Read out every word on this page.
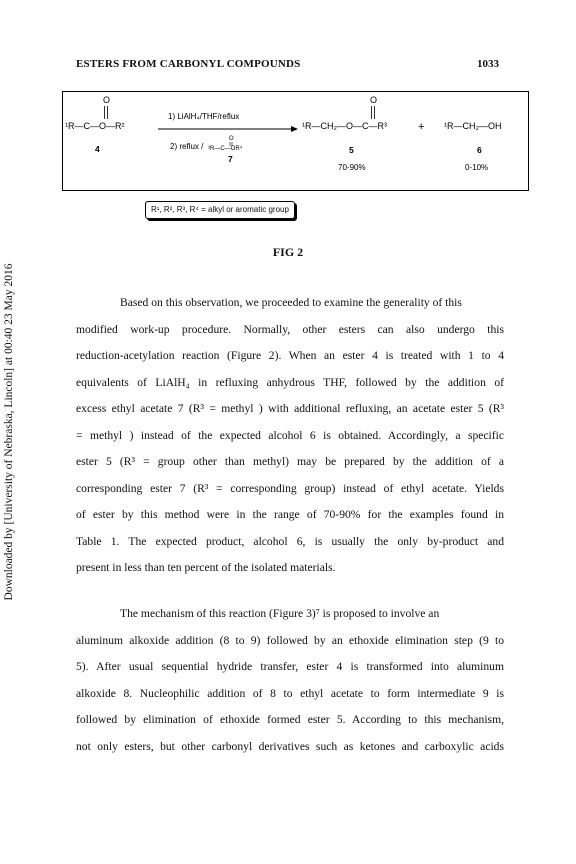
Downloaded by [University of Nebraska, Lincoln] at 00:40 23 May 2016
ESTERS FROM CARBONYL COMPOUNDS	1033
O
¹R—C—O—R²
4
1) LiAlH₄/THF/reflux
2) reflux /
O
³R—C—OR⁴
7
O
¹R—CH₂—O—C—R³
5
70-90%
+ ¹R—CH₂—OH
6
0-10%
R¹, R², R³, R⁴ = alkyl or aromatic group
FIG 2
Based on this observation, we proceeded to examine the generality of this
modified work-up procedure. Normally, other esters can also undergo this
reduction-acetylation reaction (Figure 2). When an ester 4 is treated with 1 to 4
equivalents of LiAlH₄ in refluxing anhydrous THF, followed by the addition of
excess ethyl acetate 7 (R³ = methyl ) with additional refluxing, an acetate ester 5 (R³
= methyl ) instead of the expected alcohol 6 is obtained. Accordingly, a specific
ester 5 (R³ = group other than methyl) may be prepared by the addition of a
corresponding ester 7 (R³ = corresponding group) instead of ethyl acetate. Yields
of ester by this method were in the range of 70-90% for the examples found in
Table 1. The expected product, alcohol 6, is usually the only by-product and
present in less than ten percent of the isolated materials.
The mechanism of this reaction (Figure 3)⁷ is proposed to involve an
aluminum alkoxide addition (8 to 9) followed by an ethoxide elimination step (9 to
5). After usual sequential hydride transfer, ester 4 is transformed into aluminum
alkoxide 8. Nucleophilic addition of 8 to ethyl acetate to form intermediate 9 is
followed by elimination of ethoxide formed ester 5. According to this mechanism,
not only esters, but other carbonyl derivatives such as ketones and carboxylic acids
